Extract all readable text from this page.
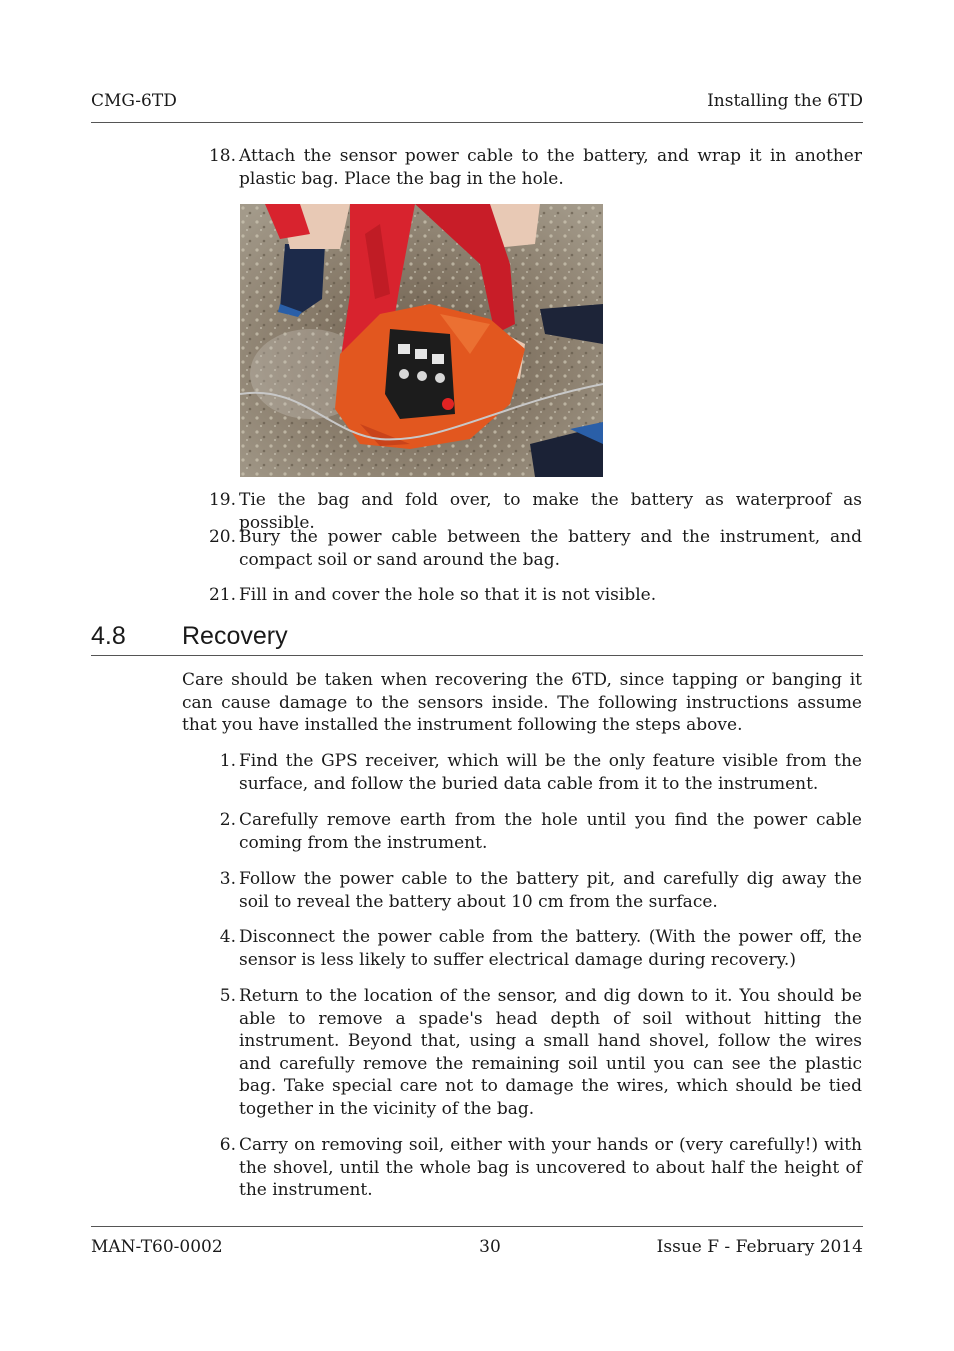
CMG-6TD	Installing the 6TD
18. Attach the sensor power cable to the battery, and wrap it in another plastic bag. Place the bag in the hole.
19. Tie the bag and fold over, to make the battery as waterproof as possible.
20. Bury the power cable between the battery and the instrument, and compact soil or sand around the bag.
21. Fill in and cover the hole so that it is not visible.
4.8 Recovery
Care should be taken when recovering the 6TD, since tapping or banging it can cause damage to the sensors inside. The following instructions assume that you have installed the instrument following the steps above.
1. Find the GPS receiver, which will be the only feature visible from the surface, and follow the buried data cable from it to the instrument.
2. Carefully remove earth from the hole until you find the power cable coming from the instrument.
3. Follow the power cable to the battery pit, and carefully dig away the soil to reveal the battery about 10 cm from the surface.
4. Disconnect the power cable from the battery. (With the power off, the sensor is less likely to suffer electrical damage during recovery.)
5. Return to the location of the sensor, and dig down to it. You should be able to remove a spade's head depth of soil without hitting the instrument. Beyond that, using a small hand shovel, follow the wires and carefully remove the remaining soil until you can see the plastic bag. Take special care not to damage the wires, which should be tied together in the vicinity of the bag.
6. Carry on removing soil, either with your hands or (very carefully!) with the shovel, until the whole bag is uncovered to about half the height of the instrument.
MAN-T60-0002	30	Issue F - February 2014
